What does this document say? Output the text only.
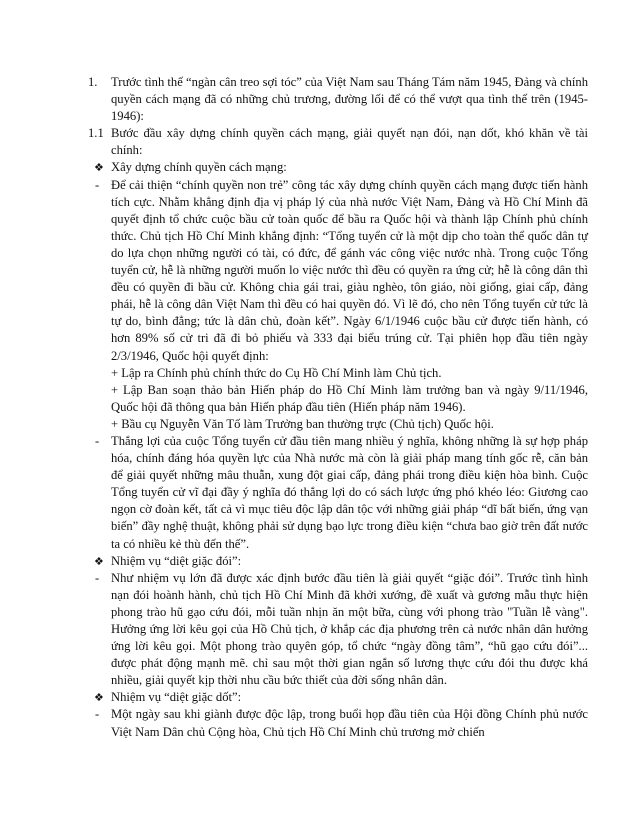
1.	Trước tình thế “ngàn cân treo sợi tóc” của Việt Nam sau Tháng Tám năm 1945, Đảng và chính quyền cách mạng đã có những chủ trương, đường lối để có thể vượt qua tình thế trên (1945-1946):
1.1 Bước đầu xây dựng chính quyền cách mạng, giải quyết nạn đói, nạn dốt, khó khăn về tài chính:
❖ Xây dựng chính quyền cách mạng:
- Để cải thiện “chính quyền non trẻ” công tác xây dựng chính quyền cách mạng được tiến hành tích cực. Nhằm khẳng định địa vị pháp lý của nhà nước Việt Nam, Đảng và Hồ Chí Minh đã quyết định tổ chức cuộc bầu cử toàn quốc để bầu ra Quốc hội và thành lập Chính phủ chính thức. Chủ tịch Hồ Chí Minh khẳng định: “Tổng tuyển cử là một dịp cho toàn thể quốc dân tự do lựa chọn những người có tài, có đức, để gánh vác công việc nước nhà. Trong cuộc Tổng tuyển cử, hễ là những người muốn lo việc nước thì đều có quyền ra ứng cử; hễ là công dân thì đều có quyền đi bầu cử. Không chia gái trai, giàu nghèo, tôn giáo, nòi giống, giai cấp, đảng phái, hễ là công dân Việt Nam thì đều có hai quyền đó. Vì lẽ đó, cho nên Tổng tuyển cử tức là tự do, bình đẳng; tức là dân chủ, đoàn kết”. Ngày 6/1/1946 cuộc bầu cử được tiến hành, có hơn 89% số cử tri đã đi bỏ phiếu và 333 đại biểu trúng cử. Tại phiên họp đầu tiên ngày 2/3/1946, Quốc hội quyết định:

+ Lập ra Chính phủ chính thức do Cụ Hồ Chí Minh làm Chủ tịch.

+ Lập Ban soạn thảo bản Hiến pháp do Hồ Chí Minh làm trưởng ban và ngày 9/11/1946, Quốc hội đã thông qua bản Hiến pháp đầu tiên (Hiến pháp năm 1946).

+ Bầu cụ Nguyễn Văn Tố làm Trưởng ban thường trực (Chủ tịch) Quốc hội.

- Thắng lợi của cuộc Tổng tuyển cử đầu tiên mang nhiều ý nghĩa, không những là sự hợp pháp hóa, chính đáng hóa quyền lực của Nhà nước mà còn là giải pháp mang tính gốc rễ, căn bản để giải quyết những mâu thuẫn, xung đột giai cấp, đảng phái trong điều kiện hòa bình. Cuộc Tổng tuyển cử vĩ đại đầy ý nghĩa đó thắng lợi do có sách lược ứng phó khéo léo: Giương cao ngọn cờ đoàn kết, tất cả vì mục tiêu độc lập dân tộc với những giải pháp “dĩ bất biến, ứng vạn biến” đầy nghệ thuật, không phải sử dụng bạo lực trong điều kiện “chưa bao giờ trên đất nước ta có nhiều kẻ thù đến thế”.
❖ Nhiệm vụ “diệt giặc đói”:
- Như nhiệm vụ lớn đã được xác định bước đầu tiên là giải quyết “giặc đói”. Trước tình hình nạn đói hoành hành, chủ tịch Hồ Chí Minh đã khởi xướng, đề xuất và gương mẫu thực hiện phong trào hũ gạo cứu đói, mỗi tuần nhịn ăn một bữa, cùng với phong trào "Tuần lễ vàng". Hưởng ứng lời kêu gọi của Hồ Chủ tịch, ở khắp các địa phương trên cả nước nhân dân hưởng ứng lời kêu gọi. Một phong trào quyên góp, tổ chức “ngày đồng tâm”, “hũ gạo cứu đói”... được phát động mạnh mẽ. chỉ sau một thời gian ngắn số lương thực cứu đói thu được khá nhiều, giải quyết kịp thời nhu cầu bức thiết của đời sống nhân dân.
❖ Nhiệm vụ “diệt giặc dốt”:
- Một ngày sau khi giành được độc lập, trong buổi họp đầu tiên của Hội đồng Chính phủ nước Việt Nam Dân chủ Cộng hòa, Chủ tịch Hồ Chí Minh chủ trương mở chiến
